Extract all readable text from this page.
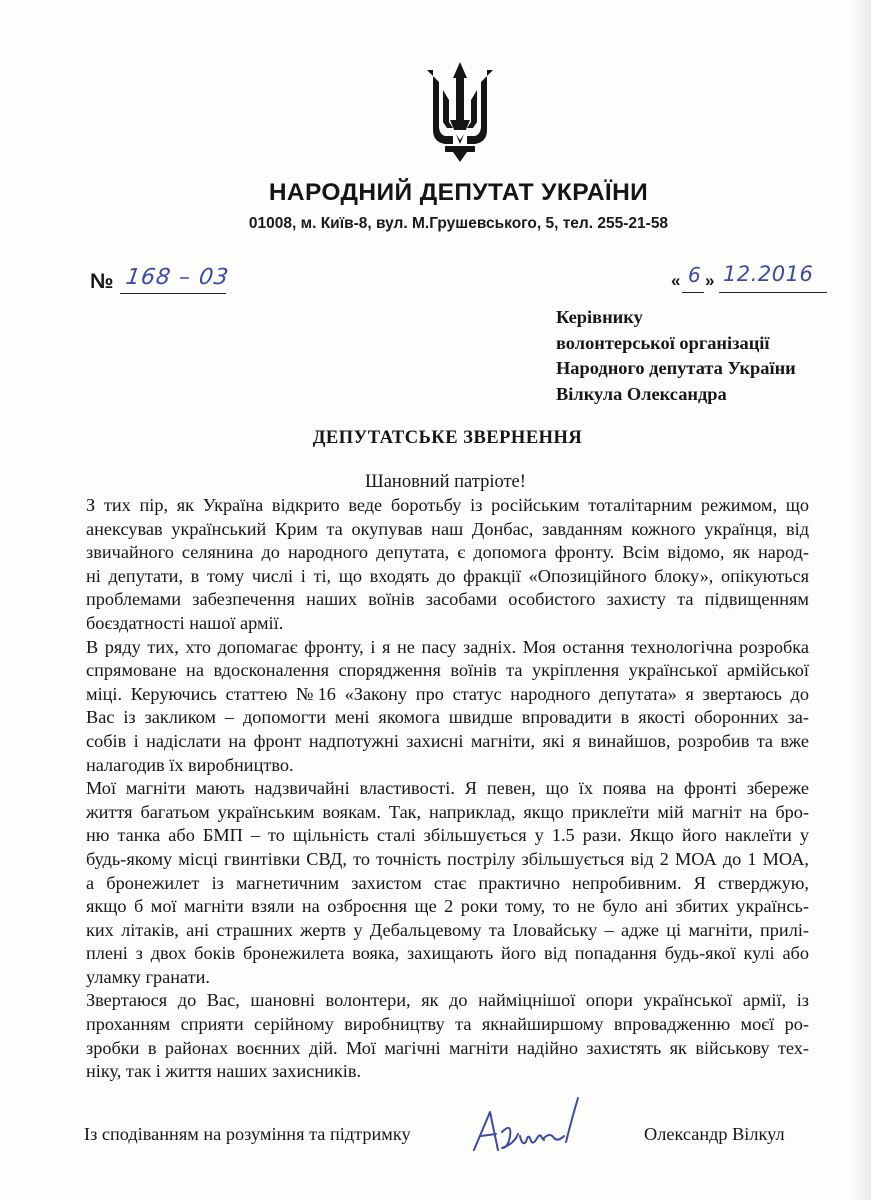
НАРОДНИЙ ДЕПУТАТ УКРАЇНИ
01008, м. Київ-8, вул. М.Грушевського, 5, тел. 255-21-58
№ 168 – 03	« 6 » 12.2016
Керівнику
волонтерської організації
Народного депутата України
Вілкула Олександра
ДЕПУТАТСЬКЕ ЗВЕРНЕННЯ
Шановний патріоте!
З тих пір, як Україна відкрито веде боротьбу із російським тоталітарним режимом, що
анексував український Крим та окупував наш Донбас, завданням кожного українця, від
звичайного селянина до народного депутата, є допомога фронту. Всім відомо, як народ-
ні депутати, в тому числі і ті, що входять до фракції «Опозиційного блоку», опікуються
проблемами забезпечення наших воїнів засобами особистого захисту та підвищенням
боєздатності нашої армії.
В ряду тих, хто допомагає фронту, і я не пасу задніх. Моя остання технологічна розробка
спрямоване на вдосконалення спорядження воїнів та укріплення української армійської
міці. Керуючись статтею №16 «Закону про статус народного депутата» я звертаюсь до
Вас із закликом – допомогти мені якомога швидше впровадити в якості оборонних за-
собів і надіслати на фронт надпотужні захисні магніти, які я винайшов, розробив та вже
налагодив їх виробництво.
Мої магніти мають надзвичайні властивості. Я певен, що їх поява на фронті збереже
життя багатьом українським воякам. Так, наприклад, якщо приклеїти мій магніт на бро-
ню танка або БМП – то щільність сталі збільшується у 1.5 рази. Якщо його наклеїти у
будь-якому місці гвинтівки СВД, то точність пострілу збільшується від 2 МОА до 1 МОА,
а бронежилет із магнетичним захистом стає практично непробивним. Я стверджую,
якщо б мої магніти взяли на озброєння ще 2 роки тому, то не було ані збитих українсь-
ких літаків, ані страшних жертв у Дебальцевому та Іловайську – адже ці магніти, прилі-
плені з двох боків бронежилета вояка, захищають його від попадання будь-якої кулі або
уламку гранати.
Звертаюся до Вас, шановні волонтери, як до найміцнішої опори української армії, із
проханням сприяти серійному виробництву та якнайширшому впровадженню моєї ро-
зробки в районах воєнних дій. Мої магічні магніти надійно захистять як військову тех-
ніку, так і життя наших захисників.
Із сподіванням на розуміння та підтримку	Олександр Вілкул
